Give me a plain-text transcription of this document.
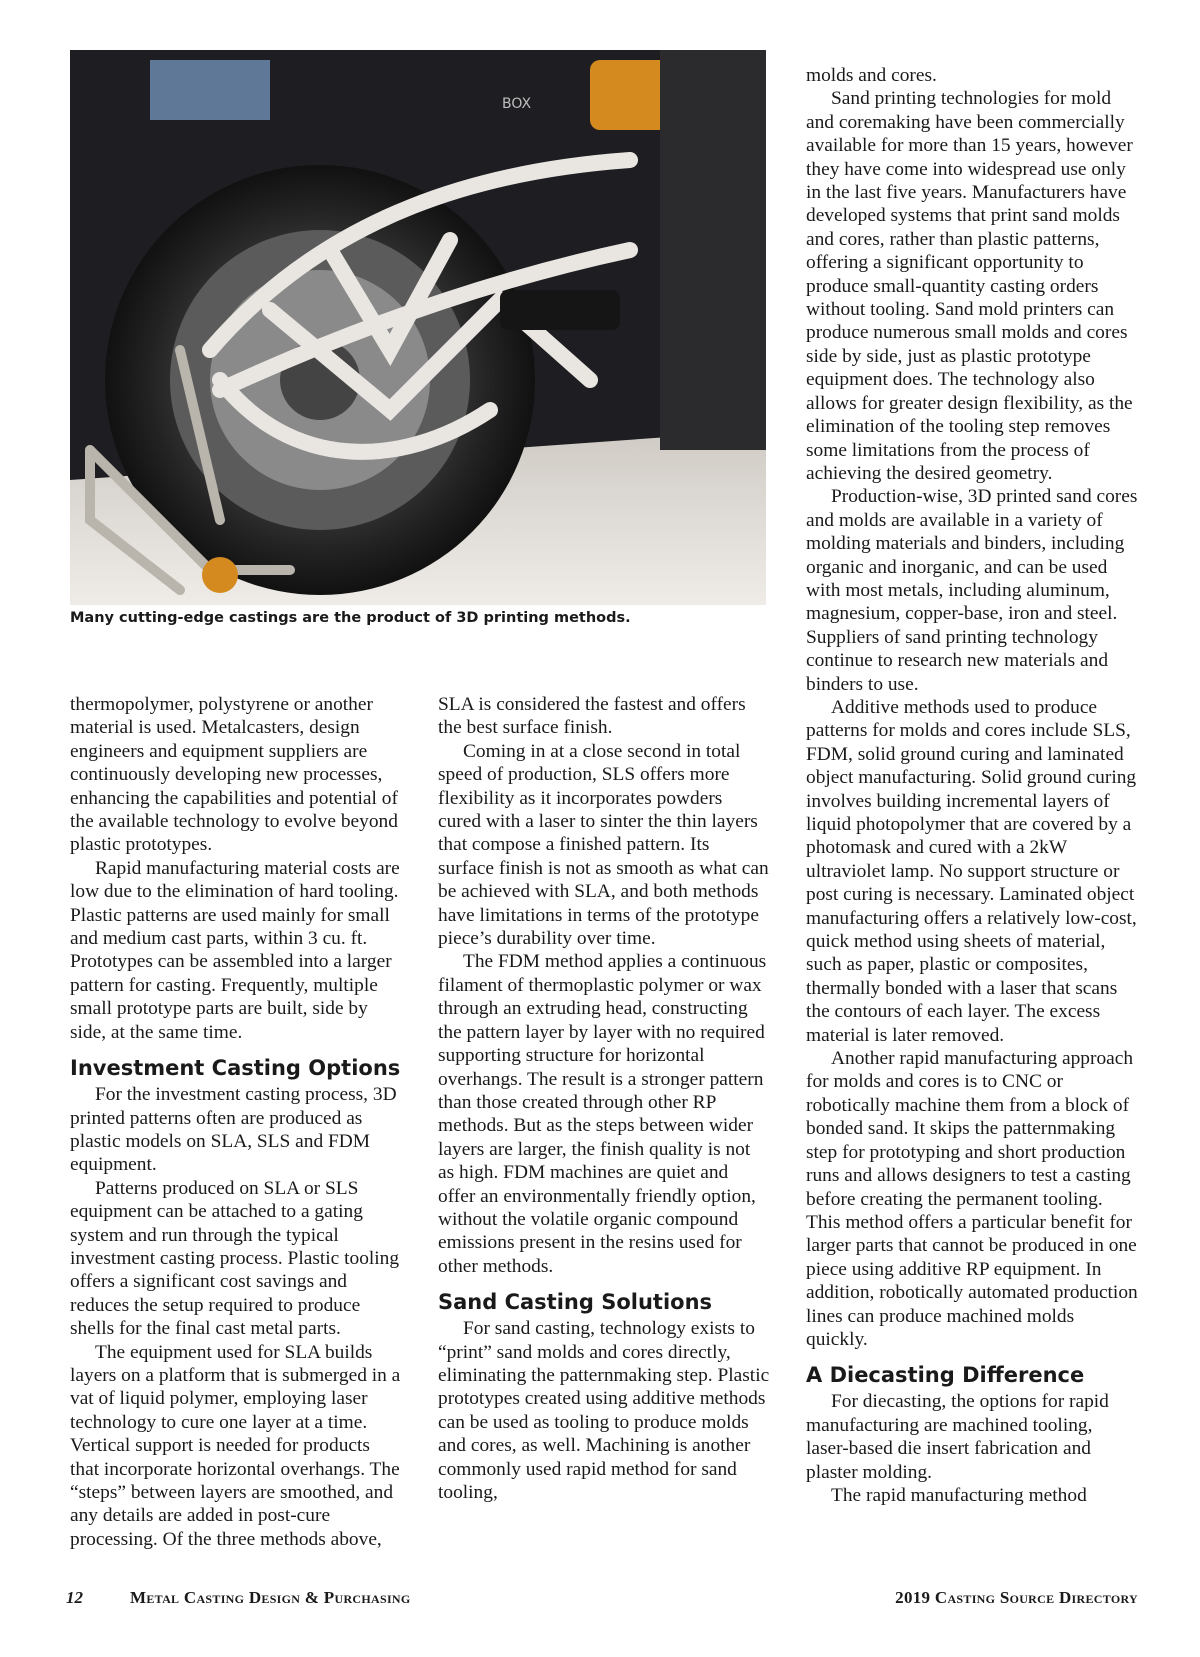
BOX
Many cutting-edge castings are the product of 3D printing methods.

thermopolymer, polystyrene or another material is used. Metalcasters, design engineers and equipment suppliers are continuously developing new processes, enhancing the capabilities and potential of the available technology to evolve beyond plastic prototypes.

Rapid manufacturing material costs are low due to the elimination of hard tooling. Plastic patterns are used mainly for small and medium cast parts, within 3 cu. ft. Prototypes can be assembled into a larger pattern for casting. Frequently, multiple small prototype parts are built, side by side, at the same time.

Investment Casting Options

For the investment casting process, 3D printed patterns often are produced as plastic models on SLA, SLS and FDM equipment.

Patterns produced on SLA or SLS equipment can be attached to a gating system and run through the typical investment casting process. Plastic tooling offers a significant cost savings and reduces the setup required to produce shells for the final cast metal parts.

The equipment used for SLA builds layers on a platform that is submerged in a vat of liquid polymer, employing laser technology to cure one layer at a time. Vertical support is needed for products that incorporate horizontal overhangs. The “steps” between layers are smoothed, and any details are added in post-cure processing. Of the three methods above,

SLA is considered the fastest and offers the best surface finish.

Coming in at a close second in total speed of production, SLS offers more flexibility as it incorporates powders cured with a laser to sinter the thin layers that compose a finished pattern. Its surface finish is not as smooth as what can be achieved with SLA, and both methods have limitations in terms of the prototype piece’s durability over time.

The FDM method applies a continuous filament of thermoplastic polymer or wax through an extruding head, constructing the pattern layer by layer with no required supporting structure for horizontal overhangs. The result is a stronger pattern than those created through other RP methods. But as the steps between wider layers are larger, the finish quality is not as high. FDM machines are quiet and offer an environmentally friendly option, without the volatile organic compound emissions present in the resins used for other methods.

Sand Casting Solutions

For sand casting, technology exists to “print” sand molds and cores directly, eliminating the patternmaking step. Plastic prototypes created using additive methods can be used as tooling to produce molds and cores, as well. Machining is another commonly used rapid method for sand tooling,

molds and cores.

Sand printing technologies for mold and coremaking have been commercially available for more than 15 years, however they have come into widespread use only in the last five years. Manufacturers have developed systems that print sand molds and cores, rather than plastic patterns, offering a significant opportunity to produce small-quantity casting orders without tooling. Sand mold printers can produce numerous small molds and cores side by side, just as plastic prototype equipment does. The technology also allows for greater design flexibility, as the elimination of the tooling step removes some limitations from the process of achieving the desired geometry.

Production-wise, 3D printed sand cores and molds are available in a variety of molding materials and binders, including organic and inorganic, and can be used with most metals, including aluminum, magnesium, copper-base, iron and steel. Suppliers of sand printing technology continue to research new materials and binders to use.

Additive methods used to produce patterns for molds and cores include SLS, FDM, solid ground curing and laminated object manufacturing. Solid ground curing involves building incremental layers of liquid photopolymer that are covered by a photomask and cured with a 2kW ultraviolet lamp. No support structure or post curing is necessary. Laminated object manufacturing offers a relatively low-cost, quick method using sheets of material, such as paper, plastic or composites, thermally bonded with a laser that scans the contours of each layer. The excess material is later removed.

Another rapid manufacturing approach for molds and cores is to CNC or robotically machine them from a block of bonded sand. It skips the patternmaking step for prototyping and short production runs and allows designers to test a casting before creating the permanent tooling. This method offers a particular benefit for larger parts that cannot be produced in one piece using additive RP equipment. In addition, robotically automated production lines can produce machined molds quickly.

A Diecasting Difference

For diecasting, the options for rapid manufacturing are machined tooling, laser-based die insert fabrication and plaster molding.

The rapid manufacturing method

12	Metal Casting Design & Purchasing	2019 Casting Source Directory
